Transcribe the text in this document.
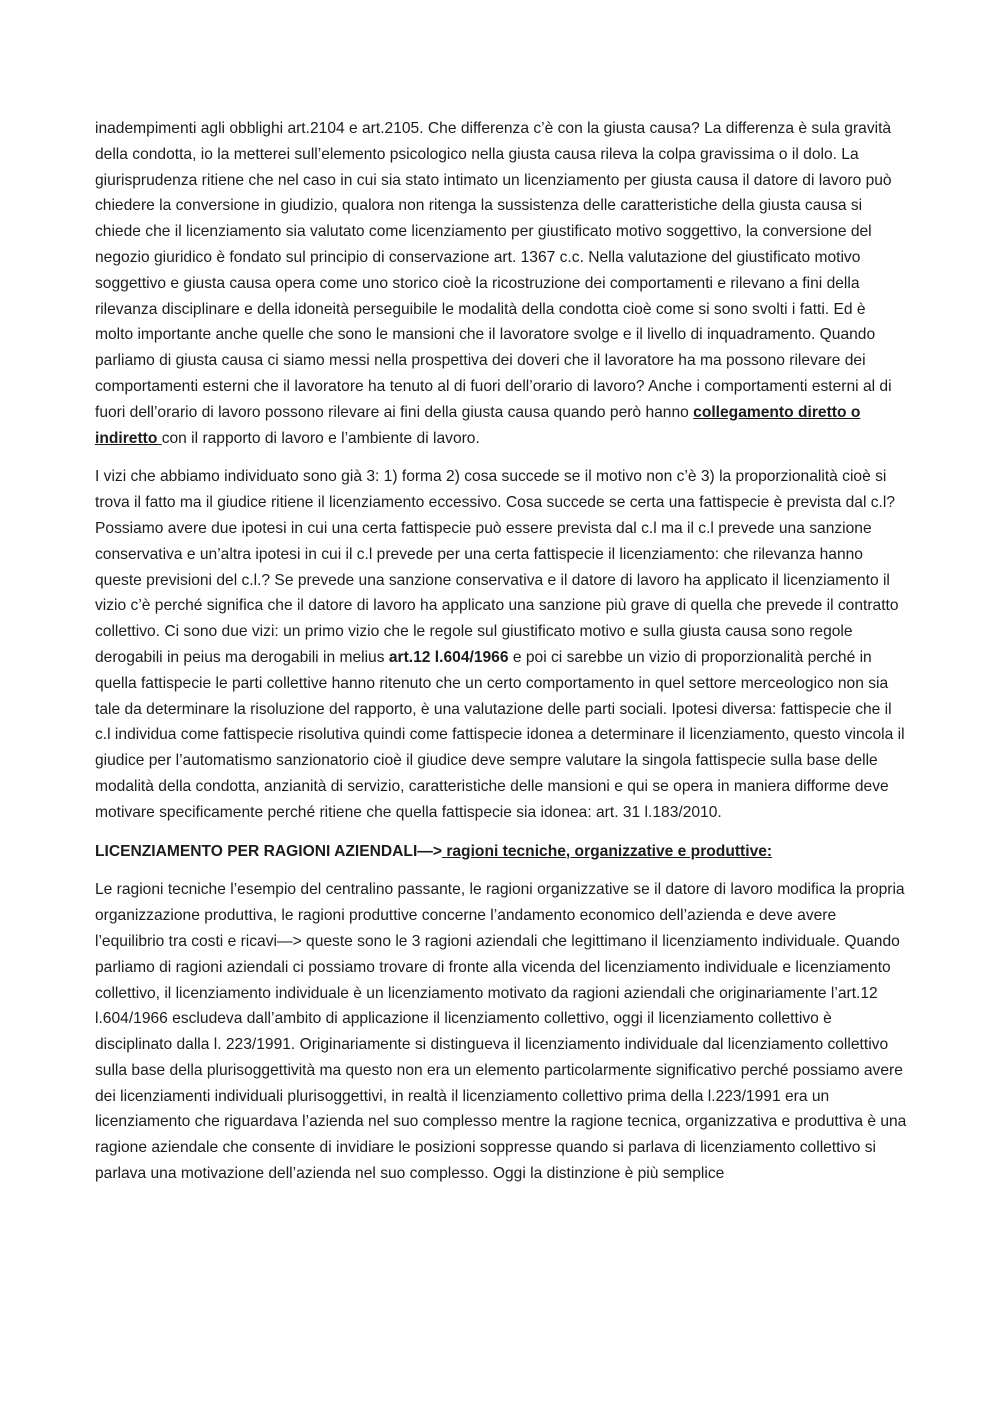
inadempimenti agli obblighi art.2104 e art.2105. Che differenza c’è con la giusta causa? La differenza è sula gravità della condotta, io la metterei sull’elemento psicologico nella giusta causa rileva la colpa gravissima o il dolo. La giurisprudenza ritiene che nel caso in cui sia stato intimato un licenziamento per giusta causa il datore di lavoro può chiedere la conversione in giudizio, qualora non ritenga la sussistenza delle caratteristiche della giusta causa si chiede che il licenziamento sia valutato come licenziamento per giustificato motivo soggettivo, la conversione del negozio giuridico è fondato sul principio di conservazione art. 1367 c.c. Nella valutazione del giustificato motivo soggettivo e giusta causa opera come uno storico cioè la ricostruzione dei comportamenti e rilevano a fini della rilevanza disciplinare e della idoneità perseguibile le modalità della condotta cioè come si sono svolti i fatti. Ed è molto importante anche quelle che sono le mansioni che il lavoratore svolge e il livello di inquadramento. Quando parliamo di giusta causa ci siamo messi nella prospettiva dei doveri che il lavoratore ha ma possono rilevare dei comportamenti esterni che il lavoratore ha tenuto al di fuori dell’orario di lavoro? Anche i comportamenti esterni al di fuori dell’orario di lavoro possono rilevare ai fini della giusta causa quando però hanno collegamento diretto o indiretto con il rapporto di lavoro e l’ambiente di lavoro.

I vizi che abbiamo individuato sono già 3: 1) forma 2) cosa succede se il motivo non c’è 3) la proporzionalità cioè si trova il fatto ma il giudice ritiene il licenziamento eccessivo. Cosa succede se certa una fattispecie è prevista dal c.l? Possiamo avere due ipotesi in cui una certa fattispecie può essere prevista dal c.l ma il c.l prevede una sanzione conservativa e un’altra ipotesi in cui il c.l prevede per una certa fattispecie il licenziamento: che rilevanza hanno queste previsioni del c.l.? Se prevede una sanzione conservativa e il datore di lavoro ha applicato il licenziamento il vizio c’è perché significa che il datore di lavoro ha applicato una sanzione più grave di quella che prevede il contratto collettivo. Ci sono due vizi: un primo vizio che le regole sul giustificato motivo e sulla giusta causa sono regole derogabili in peius ma derogabili in melius art.12 l.604/1966 e poi ci sarebbe un vizio di proporzionalità perché in quella fattispecie le parti collettive hanno ritenuto che un certo comportamento in quel settore merceologico non sia tale da determinare la risoluzione del rapporto, è una valutazione delle parti sociali. Ipotesi diversa: fattispecie che il c.l individua come fattispecie risolutiva quindi come fattispecie idonea a determinare il licenziamento, questo vincola il giudice per l’automatismo sanzionatorio cioè il giudice deve sempre valutare la singola fattispecie sulla base delle modalità della condotta, anzianità di servizio, caratteristiche delle mansioni e qui se opera in maniera difforme deve motivare specificamente perché ritiene che quella fattispecie sia idonea: art. 31 l.183/2010.

LICENZIAMENTO PER RAGIONI AZIENDALI—> ragioni tecniche, organizzative e produttive:

Le ragioni tecniche l’esempio del centralino passante, le ragioni organizzative se il datore di lavoro modifica la propria organizzazione produttiva, le ragioni produttive concerne l’andamento economico dell’azienda e deve avere l’equilibrio tra costi e ricavi—> queste sono le 3 ragioni aziendali che legittimano il licenziamento individuale. Quando parliamo di ragioni aziendali ci possiamo trovare di fronte alla vicenda del licenziamento individuale e licenziamento collettivo, il licenziamento individuale è un licenziamento motivato da ragioni aziendali che originariamente l’art.12 l.604/1966 escludeva dall’ambito di applicazione il licenziamento collettivo, oggi il licenziamento collettivo è disciplinato dalla l. 223/1991. Originariamente si distingueva il licenziamento individuale dal licenziamento collettivo sulla base della plurisoggettività ma questo non era un elemento particolarmente significativo perché possiamo avere dei licenziamenti individuali plurisoggettivi, in realtà il licenziamento collettivo prima della l.223/1991 era un licenziamento che riguardava l’azienda nel suo complesso mentre la ragione tecnica, organizzativa e produttiva è una ragione aziendale che consente di invidiare le posizioni soppresse quando si parlava di licenziamento collettivo si parlava una motivazione dell’azienda nel suo complesso. Oggi la distinzione è più semplice
